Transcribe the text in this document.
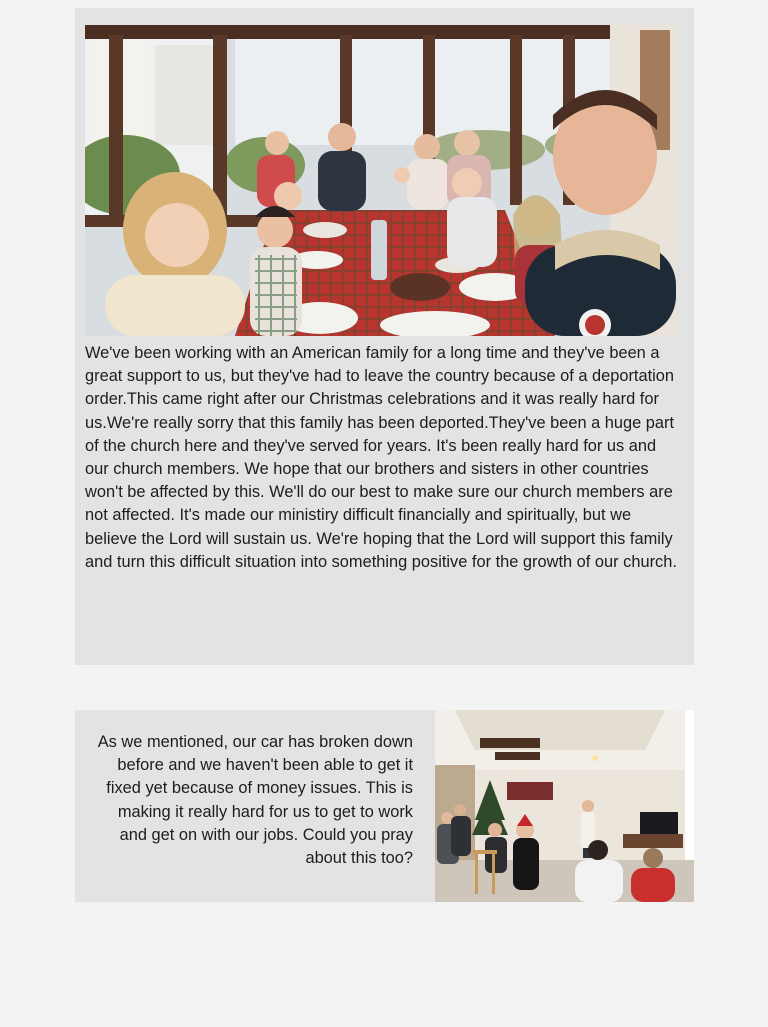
We've been working with an American family for a long time and they've been a great support to us, but they've had to leave the country because of a deportation order.This came right after our Christmas celebrations and it was really hard for us.We're really sorry that this family has been deported.They've been a huge part of the church here and they've served for years. It's been really hard for us and our church members. We hope that our brothers and sisters in other countries won't be affected by this. We'll do our best to make sure our church members are not affected. It's made our ministiry difficult financially and spiritually, but we believe the Lord will sustain us. We're hoping that the Lord will support this family and turn this difficult situation into something positive for the growth of our church.

As we mentioned, our car has broken down before and we haven't been able to get it fixed yet because of money issues. This is making it really hard for us to get to work and get on with our jobs. Could you pray about this too?
